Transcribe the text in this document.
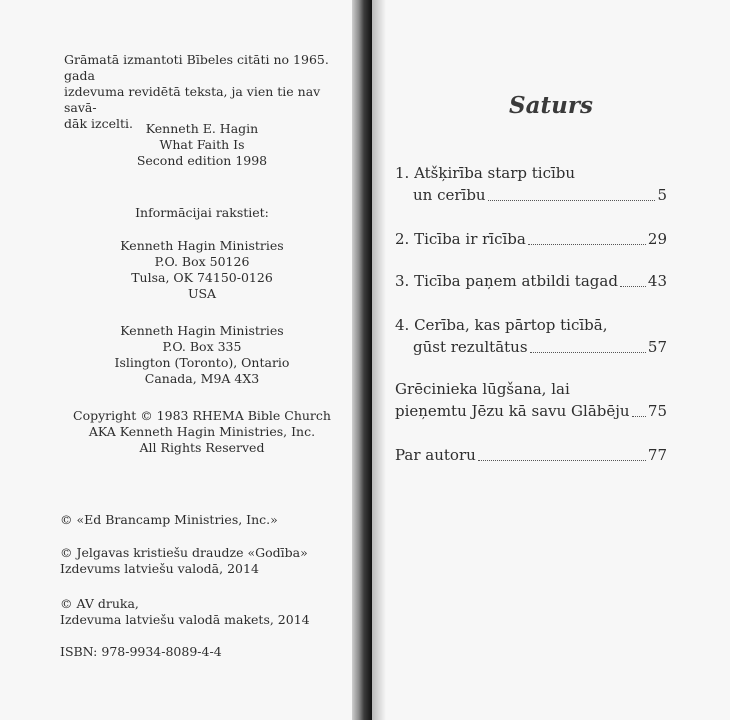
Grāmatā izmantoti Bībeles citāti no 1965. gada

izdevuma revidētā teksta, ja vien tie nav savā-

dāk izcelti.	Kenneth E. Hagin

What Faith Is

Second edition 1998

Informācijai rakstiet:

Kenneth Hagin Ministries

P.O. Box 50126

Tulsa, OK 74150-0126

USA

Kenneth Hagin Ministries

P.O. Box 335

Islington (Toronto), Ontario

Canada, M9A 4X3

Copyright © 1983 RHEMA Bible Church

AKA Kenneth Hagin Ministries, Inc.

All Rights Reserved

© «Ed Brancamp Ministries, Inc.»

© Jelgavas kristiešu draudze «Godība»

Izdevums latviešu valodā, 2014

© AV druka,

Izdevuma latviešu valodā makets, 2014

ISBN: 978-9934-8089-4-4

Saturs
1. Atšķirība starp ticību
un cerību	5
2. Ticība ir rīcība	29
3. Ticība paņem atbildi tagad 43
4. Cerība, kas pārtop ticībā,
gūst rezultātus	57
Grēcinieka lūgšana, lai
pieņemtu Jēzu kā savu Glābēju 75
Par autoru	77
